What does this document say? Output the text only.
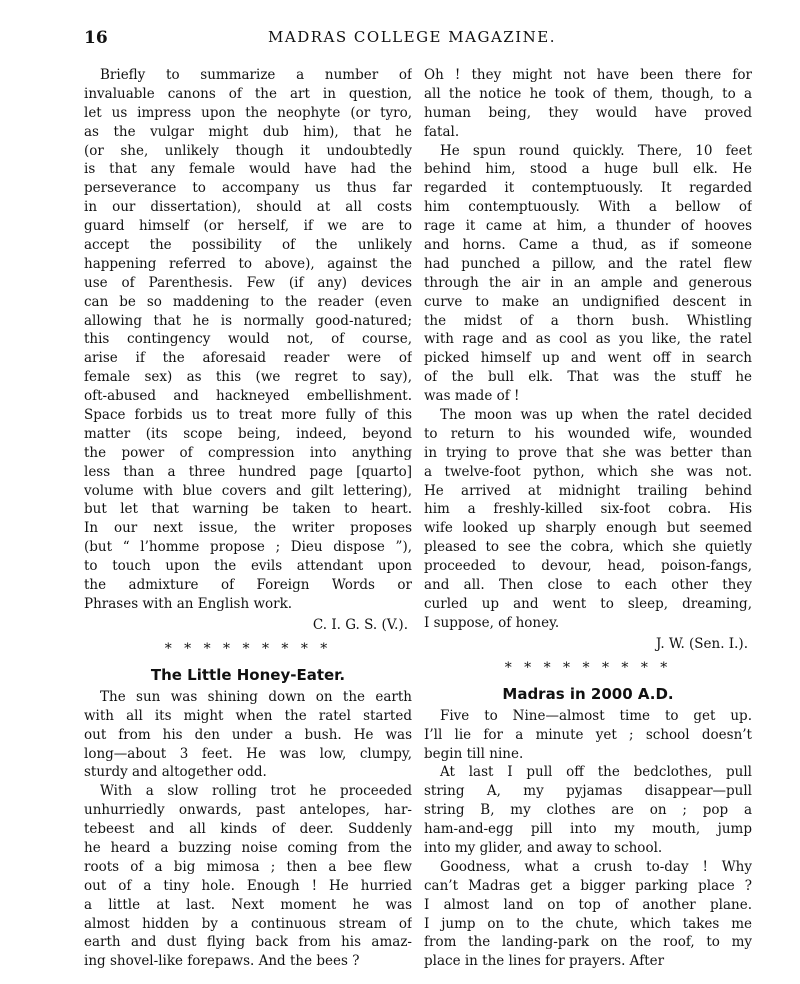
16	MADRAS COLLEGE MAGAZINE.
Briefly to summarize a number of
invaluable canons of the art in question,
let us impress upon the neophyte (or tyro,
as the vulgar might dub him), that he
(or she, unlikely though it undoubtedly
is that any female would have had the
perseverance to accompany us thus far
in our dissertation), should at all costs
guard himself (or herself, if we are to
accept the possibility of the unlikely
happening referred to above), against the
use of Parenthesis. Few (if any) devices
can be so maddening to the reader (even
allowing that he is normally good-natured;
this contingency would not, of course,
arise if the aforesaid reader were of
female sex) as this (we regret to say),
oft-abused and hackneyed embellishment.
Space forbids us to treat more fully of this
matter (its scope being, indeed, beyond
the power of compression into anything
less than a three hundred page [quarto]
volume with blue covers and gilt lettering),
but let that warning be taken to heart.
In our next issue, the writer proposes
(but “ l’homme propose ; Dieu dispose ”),
to touch upon the evils attendant upon
the admixture of Foreign Words or
Phrases with an English work.
C. I. G. S. (V.).
* * * * * * * * *
The Little Honey-Eater.
The sun was shining down on the earth
with all its might when the ratel started
out from his den under a bush. He was
long—about 3 feet. He was low, clumpy,
sturdy and altogether odd.
With a slow rolling trot he proceeded
unhurriedly onwards, past antelopes, har-
tebeest and all kinds of deer. Suddenly
he heard a buzzing noise coming from the
roots of a big mimosa ; then a bee flew
out of a tiny hole. Enough ! He hurried
a little at last. Next moment he was
almost hidden by a continuous stream of
earth and dust flying back from his amaz-
ing shovel-like forepaws. And the bees ?
Oh ! they might not have been there for
all the notice he took of them, though, to a
human being, they would have proved
fatal.
He spun round quickly. There, 10 feet
behind him, stood a huge bull elk. He
regarded it contemptuously. It regarded
him contemptuously. With a bellow of
rage it came at him, a thunder of hooves
and horns. Came a thud, as if someone
had punched a pillow, and the ratel flew
through the air in an ample and generous
curve to make an undignified descent in
the midst of a thorn bush. Whistling
with rage and as cool as you like, the ratel
picked himself up and went off in search
of the bull elk. That was the stuff he
was made of !
The moon was up when the ratel decided
to return to his wounded wife, wounded
in trying to prove that she was better than
a twelve-foot python, which she was not.
He arrived at midnight trailing behind
him a freshly-killed six-foot cobra. His
wife looked up sharply enough but seemed
pleased to see the cobra, which she quietly
proceeded to devour, head, poison-fangs,
and all. Then close to each other they
curled up and went to sleep, dreaming,
I suppose, of honey.
J. W. (Sen. I.).
* * * * * * * * *
Madras in 2000 A.D.
Five to Nine—almost time to get up.
I’ll lie for a minute yet ; school doesn’t
begin till nine.
At last I pull off the bedclothes, pull
string A, my pyjamas disappear—pull
string B, my clothes are on ; pop a
ham-and-egg pill into my mouth, jump
into my glider, and away to school.
Goodness, what a crush to-day ! Why
can’t Madras get a bigger parking place ?
I almost land on top of another plane.
I jump on to the chute, which takes me
from the landing-park on the roof, to my
place in the lines for prayers. After
